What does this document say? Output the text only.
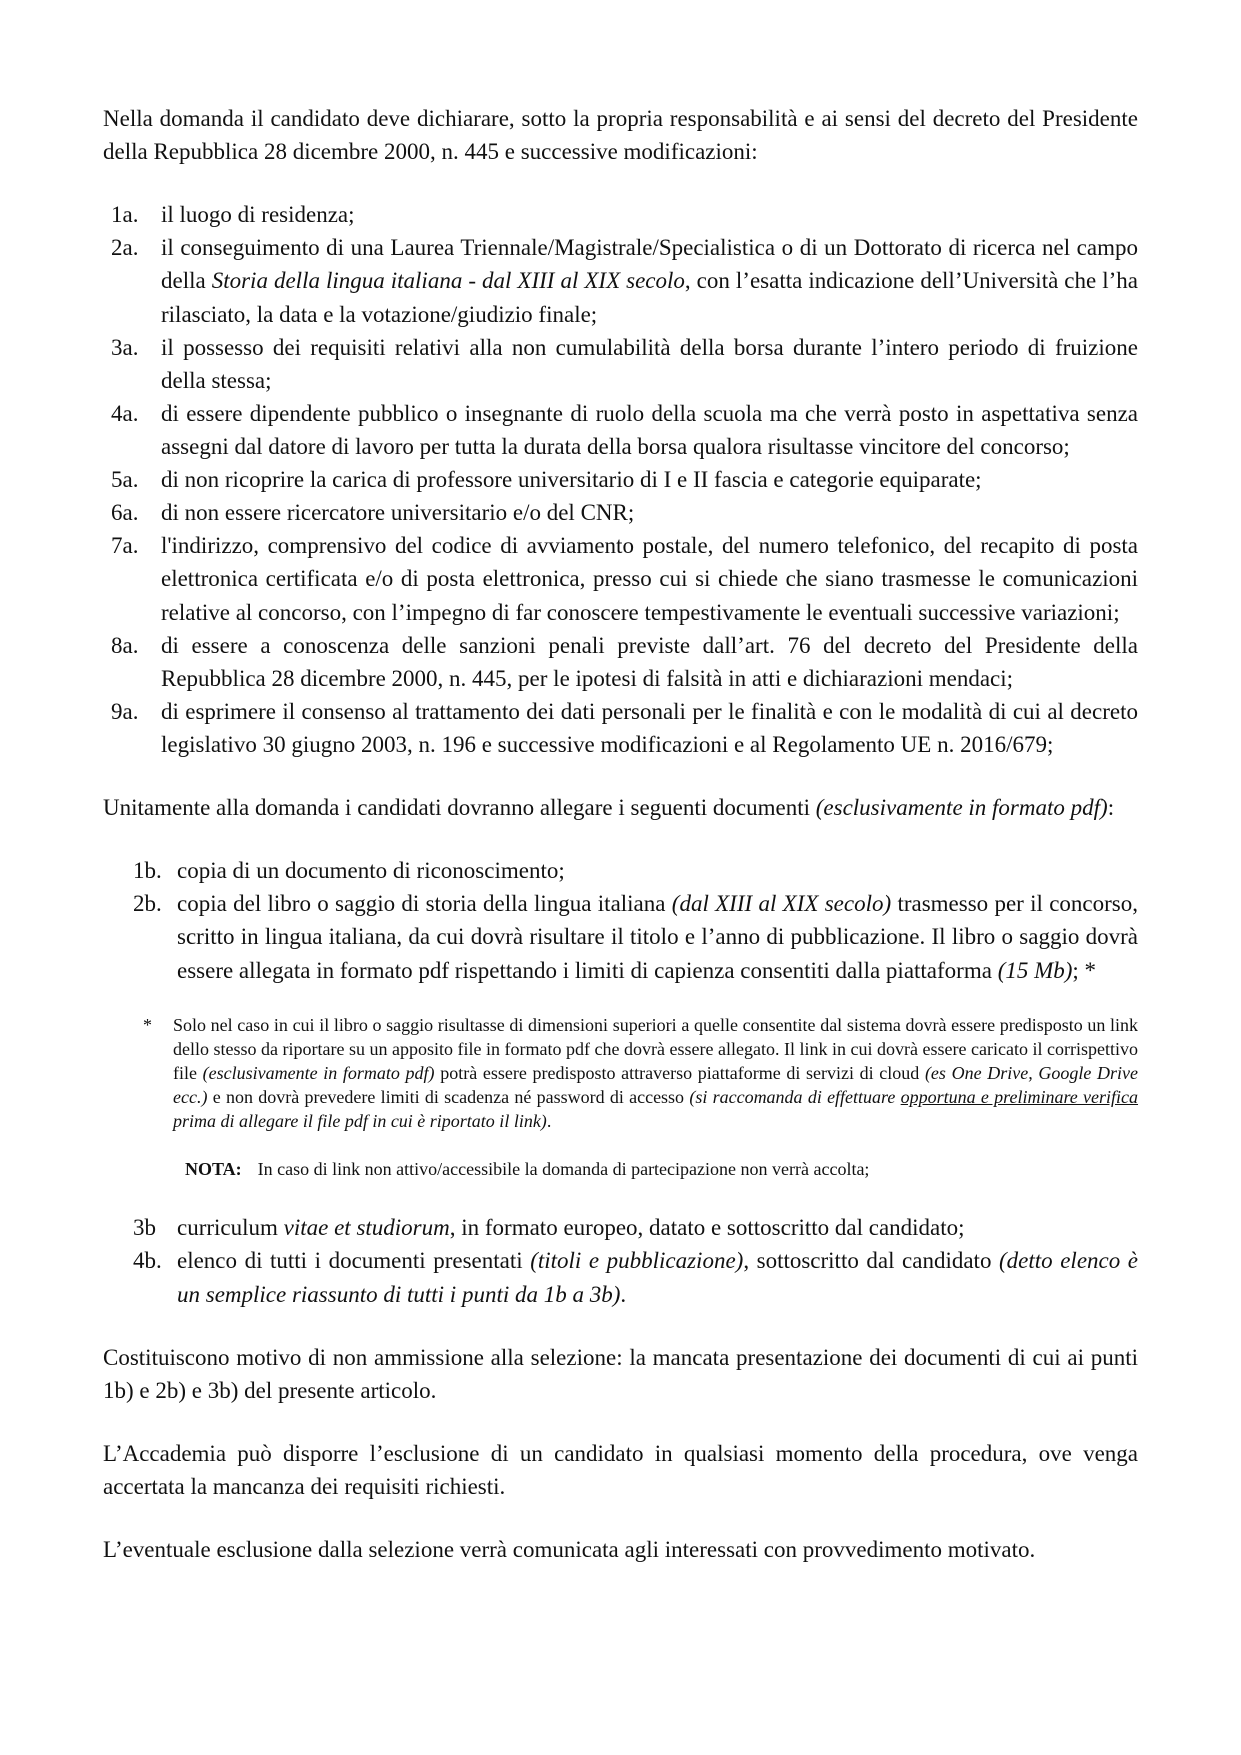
Nella domanda il candidato deve dichiarare, sotto la propria responsabilità e ai sensi del decreto del Presidente della Repubblica 28 dicembre 2000, n. 445 e successive modificazioni:

1a. il luogo di residenza;
2a. il conseguimento di una Laurea Triennale/Magistrale/Specialistica o di un Dottorato di ricerca nel campo della Storia della lingua italiana - dal XIII al XIX secolo, con l’esatta indicazione dell’Università che l’ha rilasciato, la data e la votazione/giudizio finale;
3a. il possesso dei requisiti relativi alla non cumulabilità della borsa durante l’intero periodo di fruizione della stessa;
4a. di essere dipendente pubblico o insegnante di ruolo della scuola ma che verrà posto in aspettativa senza assegni dal datore di lavoro per tutta la durata della borsa qualora risultasse vincitore del concorso;
5a. di non ricoprire la carica di professore universitario di I e II fascia e categorie equiparate;
6a. di non essere ricercatore universitario e/o del CNR;
7a. l'indirizzo, comprensivo del codice di avviamento postale, del numero telefonico, del recapito di posta elettronica certificata e/o di posta elettronica, presso cui si chiede che siano trasmesse le comunicazioni relative al concorso, con l’impegno di far conoscere tempestivamente le eventuali successive variazioni;
8a. di essere a conoscenza delle sanzioni penali previste dall’art. 76 del decreto del Presidente della Repubblica 28 dicembre 2000, n. 445, per le ipotesi di falsità in atti e dichiarazioni mendaci;
9a. di esprimere il consenso al trattamento dei dati personali per le finalità e con le modalità di cui al decreto legislativo 30 giugno 2003, n. 196 e successive modificazioni e al Regolamento UE n. 2016/679;

Unitamente alla domanda i candidati dovranno allegare i seguenti documenti (esclusivamente in formato pdf):

1b. copia di un documento di riconoscimento;
2b. copia del libro o saggio di storia della lingua italiana (dal XIII al XIX secolo) trasmesso per il concorso, scritto in lingua italiana, da cui dovrà risultare il titolo e l’anno di pubblicazione. Il libro o saggio dovrà essere allegata in formato pdf rispettando i limiti di capienza consentiti dalla piattaforma (15 Mb); *
* Solo nel caso in cui il libro o saggio risultasse di dimensioni superiori a quelle consentite dal sistema dovrà essere predisposto un link dello stesso da riportare su un apposito file in formato pdf che dovrà essere allegato. Il link in cui dovrà essere caricato il corrispettivo file (esclusivamente in formato pdf) potrà essere predisposto attraverso piattaforme di servizi di cloud (es One Drive, Google Drive ecc.) e non dovrà prevedere limiti di scadenza né password di accesso (si raccomanda di effettuare opportuna e preliminare verifica prima di allegare il file pdf in cui è riportato il link).
NOTA: In caso di link non attivo/accessibile la domanda di partecipazione non verrà accolta;
3b curriculum vitae et studiorum, in formato europeo, datato e sottoscritto dal candidato;
4b. elenco di tutti i documenti presentati (titoli e pubblicazione), sottoscritto dal candidato (detto elenco è un semplice riassunto di tutti i punti da 1b a 3b).

Costituiscono motivo di non ammissione alla selezione: la mancata presentazione dei documenti di cui ai punti 1b) e 2b) e 3b) del presente articolo.

L’Accademia può disporre l’esclusione di un candidato in qualsiasi momento della procedura, ove venga accertata la mancanza dei requisiti richiesti.

L’eventuale esclusione dalla selezione verrà comunicata agli interessati con provvedimento motivato.
